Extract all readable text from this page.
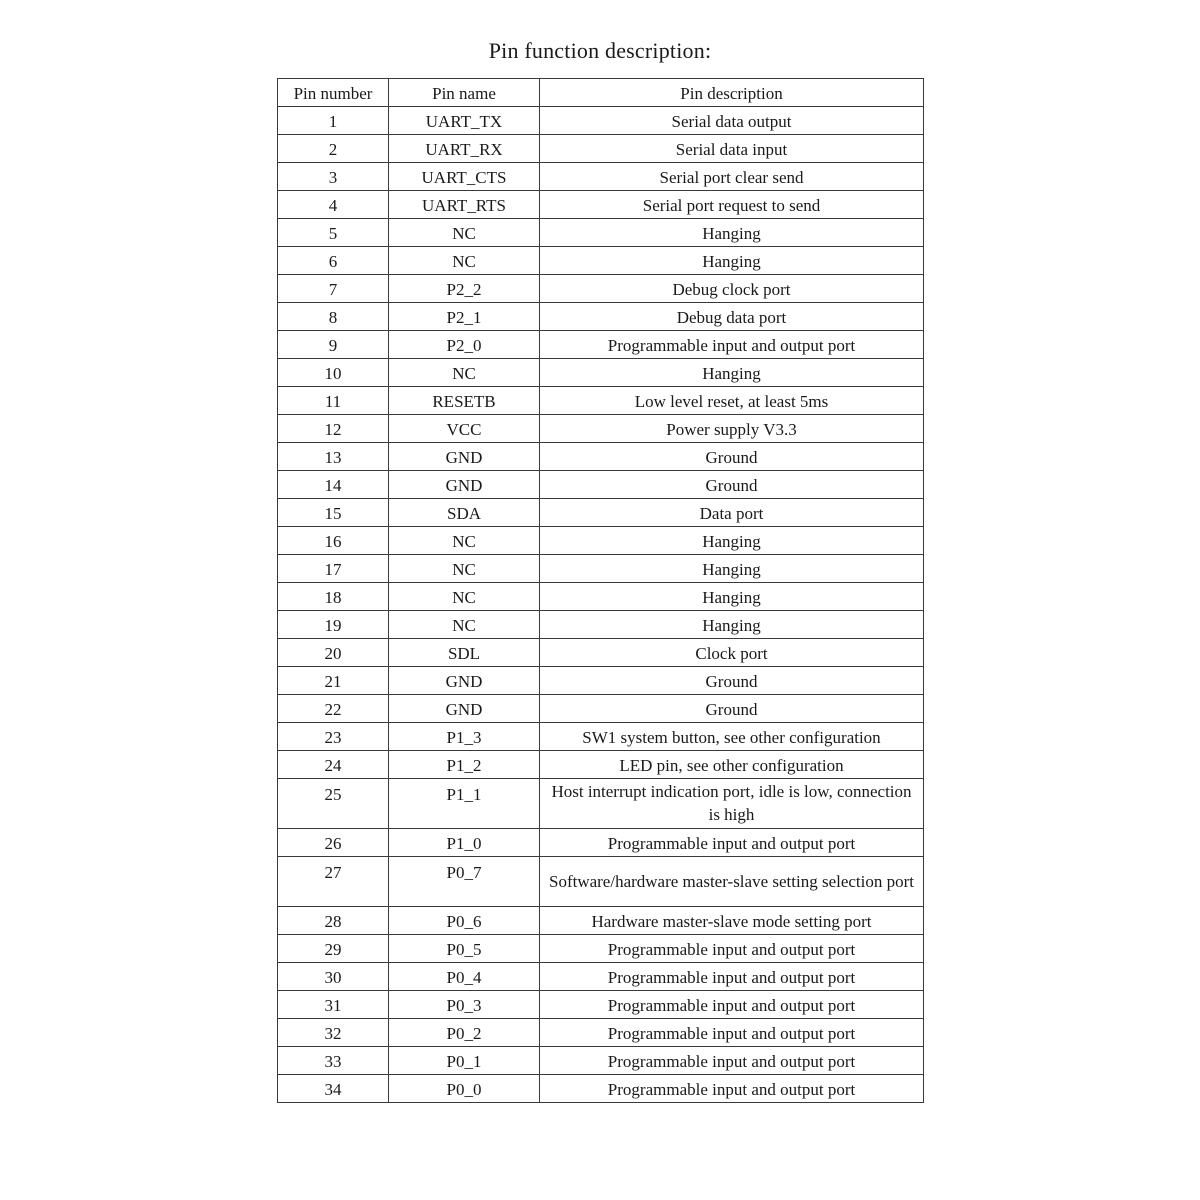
Pin function description:
Pin number	Pin name	Pin description
1	UART_TX	Serial data output
2	UART_RX	Serial data input
3	UART_CTS	Serial port clear send
4	UART_RTS	Serial port request to send
5	NC	Hanging
6	NC	Hanging
7	P2_2	Debug clock port
8	P2_1	Debug data port
9	P2_0	Programmable input and output port
10	NC	Hanging
11	RESETB	Low level reset, at least 5ms
12	VCC	Power supply V3.3
13	GND	Ground
14	GND	Ground
15	SDA	Data port
16	NC	Hanging
17	NC	Hanging
18	NC	Hanging
19	NC	Hanging
20	SDL	Clock port
21	GND	Ground
22	GND	Ground
23	P1_3	SW1 system button, see other configuration
24	P1_2	LED pin, see other configuration
25	P1_1	Host interrupt indication port, idle is low, connection is high
26	P1_0	Programmable input and output port
27	P0_7	Software/hardware master-slave setting selection port
28	P0_6	Hardware master-slave mode setting port
29	P0_5	Programmable input and output port
30	P0_4	Programmable input and output port
31	P0_3	Programmable input and output port
32	P0_2	Programmable input and output port
33	P0_1	Programmable input and output port
34	P0_0	Programmable input and output port
